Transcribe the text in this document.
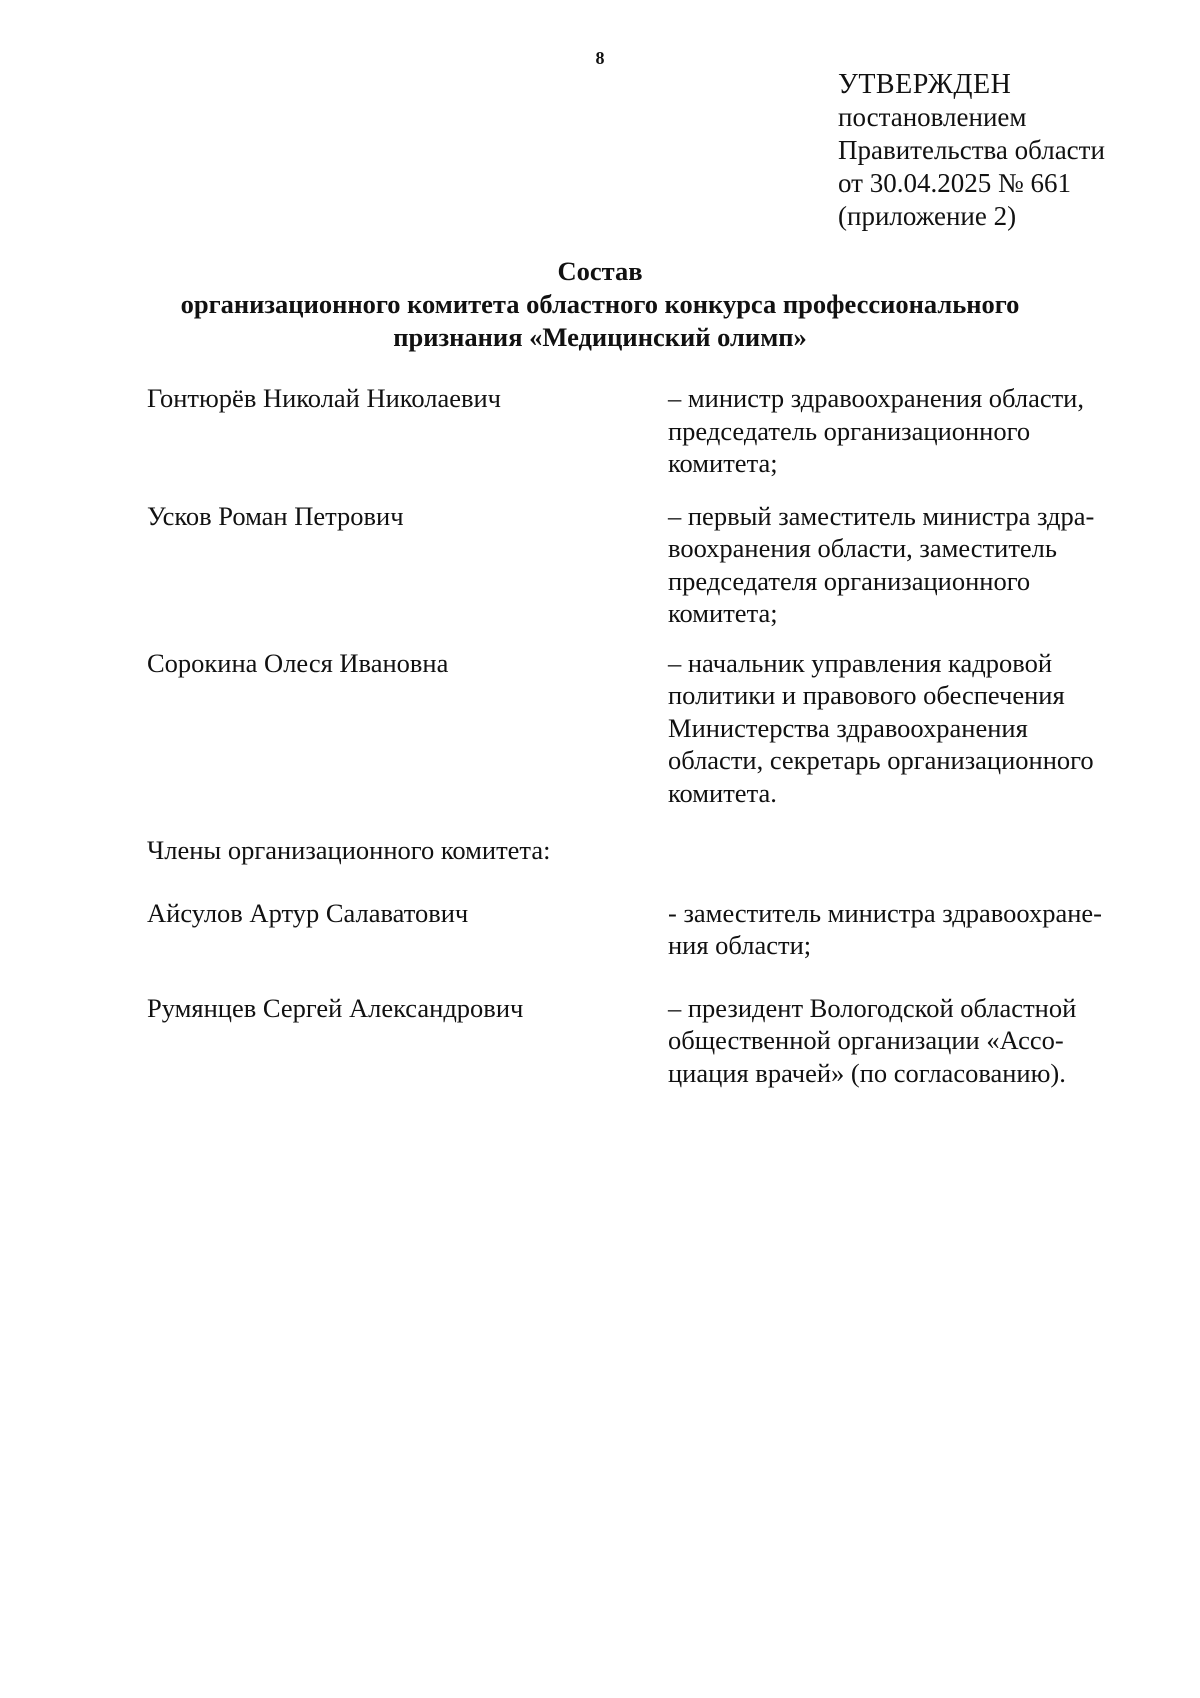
8
УТВЕРЖДЕН
постановлением
Правительства области
от 30.04.2025 № 661
(приложение 2)
Состав
организационного комитета областного конкурса профессионального
признания «Медицинский олимп»
Гонтюрёв Николай Николаевич	– министр здравоохранения области,
председатель организационного
комитета;
Усков Роман Петрович	– первый заместитель министра здра-
воохранения области, заместитель
председателя организационного
комитета;
Сорокина Олеся Ивановна	– начальник управления кадровой
политики и правового обеспечения
Министерства здравоохранения
области, секретарь организационного
комитета.
Члены организационного комитета:
Айсулов Артур Салаватович	- заместитель министра здравоохране-
ния области;
Румянцев Сергей Александрович	– президент Вологодской областной
общественной организации «Ассо-
циация врачей» (по согласованию).
